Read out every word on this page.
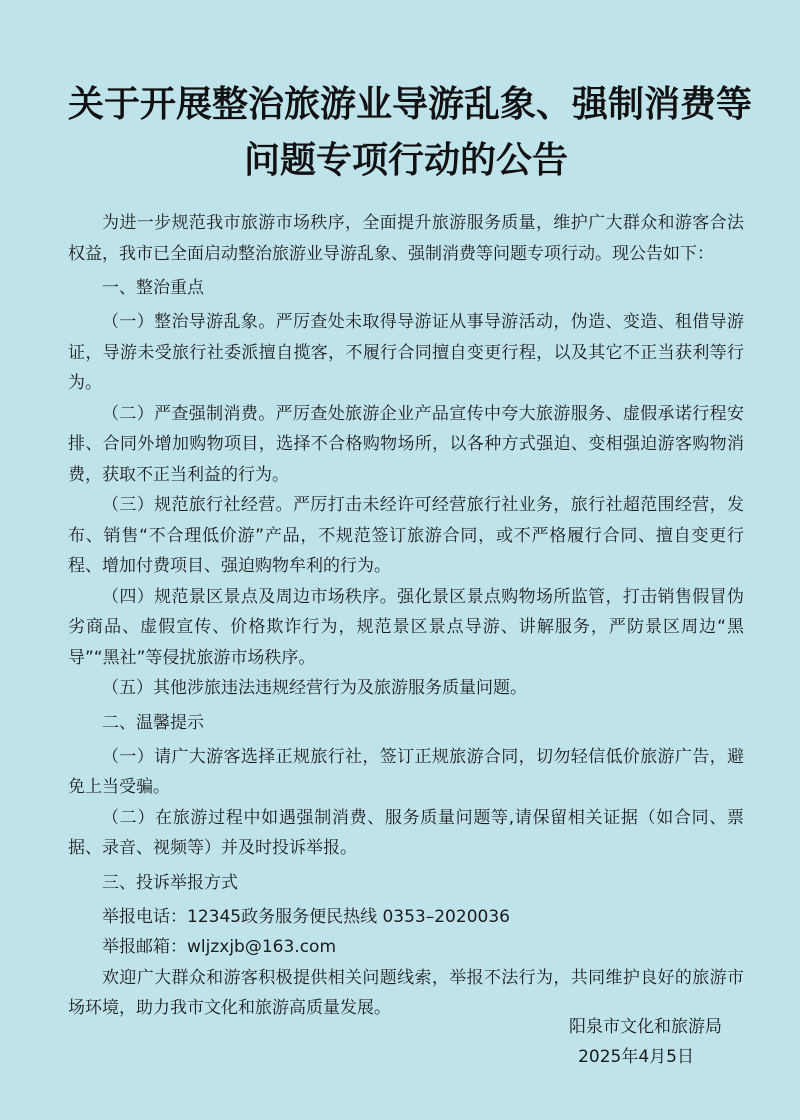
关于开展整治旅游业导游乱象、强制消费等
问题专项行动的公告

为进一步规范我市旅游市场秩序，全面提升旅游服务质量，维护广大群众和游客合法权益，我市已全面启动整治旅游业导游乱象、强制消费等问题专项行动。现公告如下：

一、整治重点

（一）整治导游乱象。严厉查处未取得导游证从事导游活动，伪造、变造、租借导游证，导游未受旅行社委派擅自揽客，不履行合同擅自变更行程，以及其它不正当获利等行为。

（二）严查强制消费。严厉查处旅游企业产品宣传中夸大旅游服务、虚假承诺行程安排、合同外增加购物项目，选择不合格购物场所，以各种方式强迫、变相强迫游客购物消费，获取不正当利益的行为。

（三）规范旅行社经营。严厉打击未经许可经营旅行社业务，旅行社超范围经营，发布、销售“不合理低价游”产品，不规范签订旅游合同，或不严格履行合同、擅自变更行程、增加付费项目、强迫购物牟利的行为。

（四）规范景区景点及周边市场秩序。强化景区景点购物场所监管，打击销售假冒伪劣商品、虚假宣传、价格欺诈行为，规范景区景点导游、讲解服务，严防景区周边“黑导”“黑社”等侵扰旅游市场秩序。

（五）其他涉旅违法违规经营行为及旅游服务质量问题。

二、温馨提示

（一）请广大游客选择正规旅行社，签订正规旅游合同，切勿轻信低价旅游广告，避免上当受骗。

（二）在旅游过程中如遇强制消费、服务质量问题等,请保留相关证据（如合同、票据、录音、视频等）并及时投诉举报。

三、投诉举报方式

举报电话：12345政务服务便民热线 0353–2020036

举报邮箱：wljzxjb@163.com

欢迎广大群众和游客积极提供相关问题线索，举报不法行为，共同维护良好的旅游市场环境，助力我市文化和旅游高质量发展。

阳泉市文化和旅游局
2025年4月5日
